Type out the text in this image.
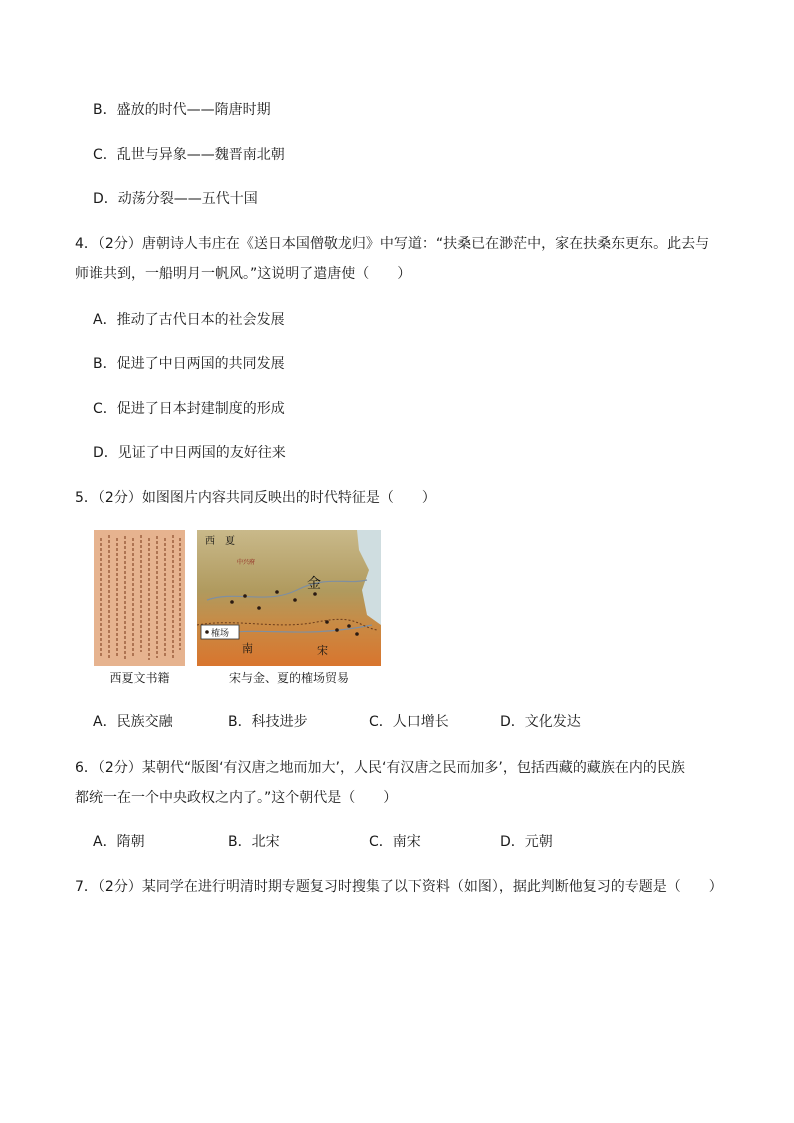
B．盛放的时代——隋唐时期
C．乱世与异象——魏晋南北朝
D．动荡分裂——五代十国
4．（2分）唐朝诗人韦庄在《送日本国僧敬龙归》中写道：“扶桑已在渺茫中，家在扶桑东更东。此去与
师谁共到，一船明月一帆风。”这说明了遣唐使（　　）
A．推动了古代日本的社会发展
B．促进了中日两国的共同发展
C．促进了日本封建制度的形成
D．见证了中日两国的友好往来
5．（2分）如图图片内容共同反映出的时代特征是（　　）
西夏文书籍
西　夏
中兴府
金
南	宋
榷场
宋与金、夏的榷场贸易
A．民族交融	B．科技进步	C．人口增长	D．文化发达
6．（2分）某朝代“版图‘有汉唐之地而加大’，人民‘有汉唐之民而加多’，包括西藏的藏族在内的民族
都统一在一个中央政权之内了。”这个朝代是（　　）
A．隋朝	B．北宋	C．南宋	D．元朝
7．（2分）某同学在进行明清时期专题复习时搜集了以下资料（如图），据此判断他复习的专题是（　　）
